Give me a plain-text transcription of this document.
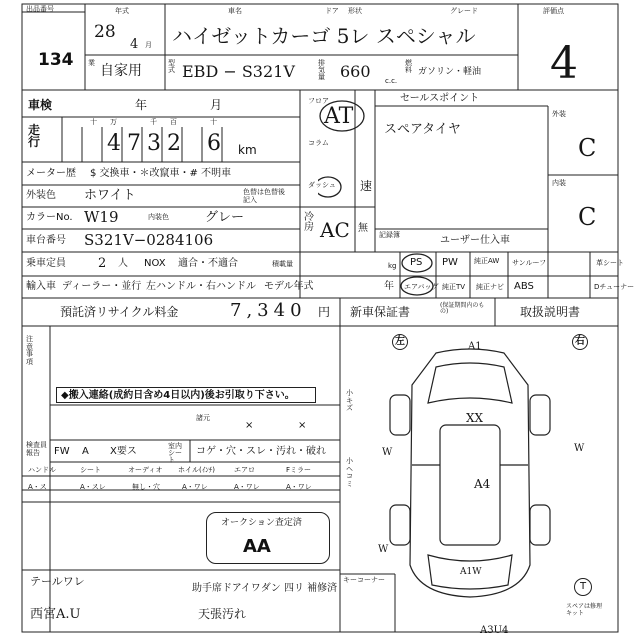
出品番号
134
年式
28
4 月
車名	ドア 形状	グレード
ハイゼットカーゴ 5レ スペシャル
評価点
4
業 自家用	型式 EBD − S321V	排気量 660 c.c.
燃料 ガソリン・軽油
車検	年	月
走行
十 万	千 百	十
4 7 3 2 6 km
メーター歴 $ 交換車・＊改竄車・# 不明車
外装色 ホワイト	色替は色替後記入
カラーNo. W19	内装色	グレー
車台番号 S321V−0284106
乗車定員 2 人 NOX 適合・不適合	積載量	kg
輸入車 ディーラー・並行 左ハンドル・右ハンドル モデル年式	年
預託済リサイクル料金	7,340 円 新車保証書	(保証期間内のもの)	取扱説明書
フロア
コラム
ダッシュ
AT
速
冷房 AC 無
セールスポイント
スペアタイヤ
外装
C
内装
C
記録簿	ユーザー仕入車
PS PW 純正AW サンルーフ	革シート
エアバッグ 純正TV 純正ナビ ABS	Dチューナー
注意事項
◆搬入連絡(成約日含め4日以内)後お引取り下さい。
諸元
×	×
検査員報告	FW A X要ス	室内シート
コゲ・穴・スレ・汚れ・破れ
ハンドル	シート	オーディオ ホイル(ｲﾝﾁ)	エアロ	Fミラー
A・ス	A・スレ	無し・穴	A・ワレ	A・ワレ	A・ワレ
オークション査定済
AA
テールワレ
西宮A.U
助手席ドアイワダン 四リ 補修済
天張汚れ
左	右
A1
XX
A4
A1W
A3U4
W	W
W
小キズ
小ヘコミ
キーコーナー
T
スペアは修理キット
